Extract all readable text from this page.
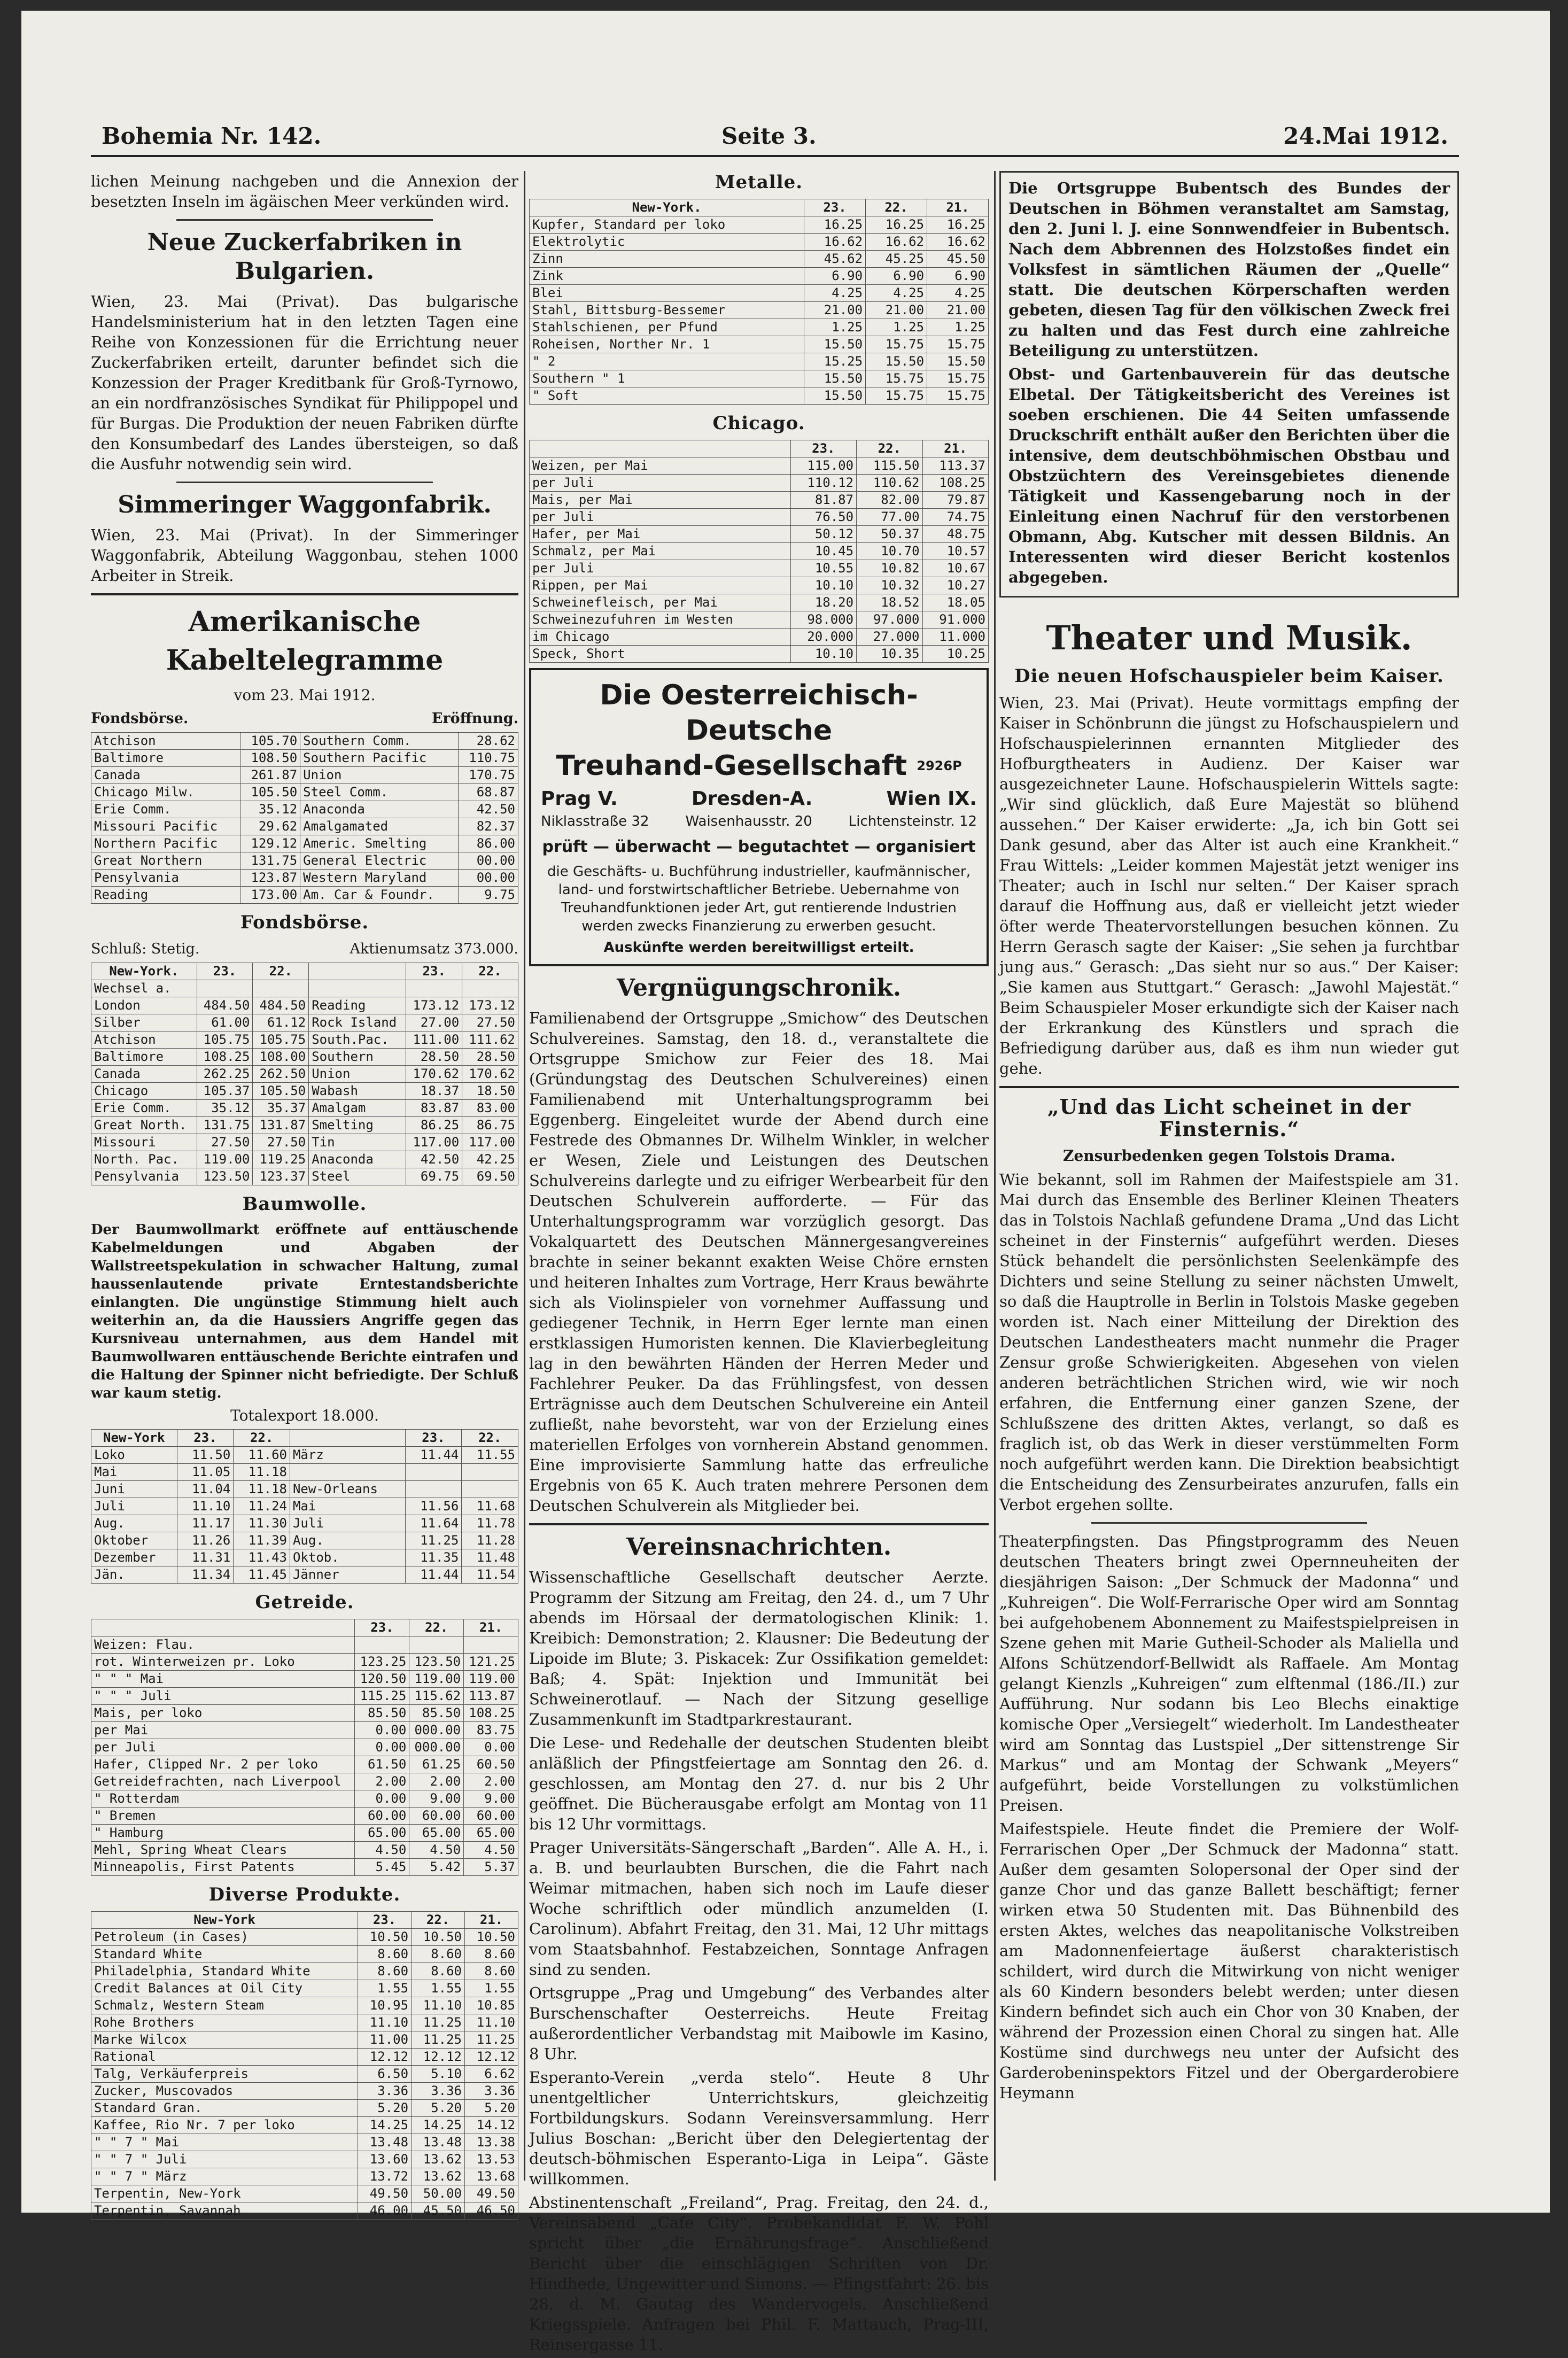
Bohemia Nr. 142.	Seite 3.	24.Mai 1912.

lichen Meinung nachgeben und die Annexion der besetzten Inseln im ägäischen Meer verkünden wird.

Neue Zuckerfabriken in Bulgarien.

Wien, 23. Mai (Privat). Das bulgarische Handelsministerium hat in den letzten Tagen eine Reihe von Konzessionen für die Errichtung neuer Zuckerfabriken erteilt, darunter befindet sich die Konzession der Prager Kreditbank für Groß-Tyrnowo, an ein nordfranzösisches Syndikat für Philippopel und für Burgas. Die Produktion der neuen Fabriken dürfte den Konsumbedarf des Landes übersteigen, so daß die Ausfuhr notwendig sein wird.

Simmeringer Waggonfabrik.

Wien, 23. Mai (Privat). In der Simmeringer Waggonfabrik, Abteilung Waggonbau, stehen 1000 Arbeiter in Streik.

Amerikanische Kabeltelegramme
vom 23. Mai 1912.
Fondsbörse.	Eröffnung.
Atchison	105.70	Southern Comm.	28.62
Baltimore	108.50	Southern Pacific	110.75
Canada	261.87	Union	170.75
Chicago Milw.	105.50	Steel Comm.	68.87
Erie Comm.	35.12	Anaconda	42.50
Missouri Pacific	29.62	Amalgamated	82.37
Northern Pacific	129.12	Americ. Smelting	86.00
Great Northern	131.75	General Electric	00.00
Pensylvania	123.87	Western Maryland	00.00
Reading	173.00	Am. Car & Foundr.	9.75
Fondsbörse.
Schluß: Stetig.	Aktienumsatz 373.000.
New-York.	23.	22.		23.	22.
Wechsel a.					
London	484.50	484.50	Reading	173.12	173.12
Silber	61.00	61.12	Rock Island	27.00	27.50
Atchison	105.75	105.75	South.Pac.	111.00	111.62
Baltimore	108.25	108.00	Southern	28.50	28.50
Canada	262.25	262.50	Union	170.62	170.62
Chicago	105.37	105.50	Wabash	18.37	18.50
Erie Comm.	35.12	35.37	Amalgam	83.87	83.00
Great North.	131.75	131.87	Smelting	86.25	86.75
Missouri	27.50	27.50	Tin	117.00	117.00
North. Pac.	119.00	119.25	Anaconda	42.50	42.25
Pensylvania	123.50	123.37	Steel	69.75	69.50
Baumwolle.

Der Baumwollmarkt eröffnete auf enttäuschende Kabelmeldungen und Abgaben der Wallstreetspekulation in schwacher Haltung, zumal haussenlautende private Erntestandsberichte einlangten. Die ungünstige Stimmung hielt auch weiterhin an, da die Haussiers Angriffe gegen das Kursniveau unternahmen, aus dem Handel mit Baumwollwaren enttäuschende Berichte eintrafen und die Haltung der Spinner nicht befriedigte. Der Schluß war kaum stetig.

Totalexport 18.000.
New-York	23.	22.		23.	22.
Loko	11.50	11.60	März	11.44	11.55
Mai	11.05	11.18			
Juni	11.04	11.18	New-Orleans		
Juli	11.10	11.24	Mai	11.56	11.68
Aug.	11.17	11.30	Juli	11.64	11.78
Oktober	11.26	11.39	Aug.	11.25	11.28
Dezember	11.31	11.43	Oktob.	11.35	11.48
Jän.	11.34	11.45	Jänner	11.44	11.54
Getreide.
	23.	22.	21.
Weizen: Flau.			
rot. Winterweizen pr. Loko	123.25	123.50	121.25
" " " Mai	120.50	119.00	119.00
" " " Juli	115.25	115.62	113.87
Mais, per loko	85.50	85.50	108.25
per Mai	0.00	000.00	83.75
per Juli	0.00	000.00	0.00
Hafer, Clipped Nr. 2 per loko	61.50	61.25	60.50
Getreidefrachten, nach Liverpool	2.00	2.00	2.00
" Rotterdam	0.00	9.00	9.00
" Bremen	60.00	60.00	60.00
" Hamburg	65.00	65.00	65.00
Mehl, Spring Wheat Clears	4.50	4.50	4.50
Minneapolis, First Patents	5.45	5.42	5.37
Diverse Produkte.
New-York	23.	22.	21.
Petroleum (in Cases)	10.50	10.50	10.50
Standard White	8.60	8.60	8.60
Philadelphia, Standard White	8.60	8.60	8.60
Credit Balances at Oil City	1.55	1.55	1.55
Schmalz, Western Steam	10.95	11.10	10.85
Rohe Brothers	11.10	11.25	11.10
Marke Wilcox	11.00	11.25	11.25
Rational	12.12	12.12	12.12
Talg, Verkäuferpreis	6.50	5.10	6.62
Zucker, Muscovados	3.36	3.36	3.36
Standard Gran.	5.20	5.20	5.20
Kaffee, Rio Nr. 7 per loko	14.25	14.25	14.12
" " 7 " Mai	13.48	13.48	13.38
" " 7 " Juli	13.60	13.62	13.53
" " 7 " März	13.72	13.62	13.68
Terpentin, New-York	49.50	50.00	49.50
Terpentin, Savannah	46.00	45.50	46.50
Metalle.
New-York.	23.	22.	21.
Kupfer, Standard per loko	16.25	16.25	16.25
Elektrolytic	16.62	16.62	16.62
Zinn	45.62	45.25	45.50
Zink	6.90	6.90	6.90
Blei	4.25	4.25	4.25
Stahl, Bittsburg-Bessemer	21.00	21.00	21.00
Stahlschienen, per Pfund	1.25	1.25	1.25
Roheisen, Norther Nr. 1	15.50	15.75	15.75
" 2	15.25	15.50	15.50
Southern " 1	15.50	15.75	15.75
" Soft	15.50	15.75	15.75
Chicago.
	23.	22.	21.
Weizen, per Mai	115.00	115.50	113.37
per Juli	110.12	110.62	108.25
Mais, per Mai	81.87	82.00	79.87
per Juli	76.50	77.00	74.75
Hafer, per Mai	50.12	50.37	48.75
Schmalz, per Mai	10.45	10.70	10.57
per Juli	10.55	10.82	10.67
Rippen, per Mai	10.10	10.32	10.27
Schweinefleisch, per Mai	18.20	18.52	18.05
Schweinezufuhren im Westen	98.000	97.000	91.000
im Chicago	20.000	27.000	11.000
Speck, Short	10.10	10.35	10.25
Die Oesterreichisch-Deutsche
Treuhand-Gesellschaft $^{2926P}$
Prag V.	Dresden-A.	Wien IX.
Niklasstraße 32	Waisenhausstr. 20	Lichtensteinstr. 12
prüft — überwacht — begutachtet — organisiert
die Geschäfts- u. Buchführung industrieller, kaufmännischer, land- und forstwirtschaftlicher Betriebe. Uebernahme von Treuhandfunktionen jeder Art, gut rentierende Industrien werden zwecks Finanzierung zu erwerben gesucht.
Auskünfte werden bereitwilligst erteilt.
Vergnügungschronik.

Familienabend der Ortsgruppe „Smichow“ des Deutschen Schulvereines. Samstag, den 18. d., veranstaltete die Ortsgruppe Smichow zur Feier des 18. Mai (Gründungstag des Deutschen Schulvereines) einen Familienabend mit Unterhaltungsprogramm bei Eggenberg. Eingeleitet wurde der Abend durch eine Festrede des Obmannes Dr. Wilhelm Winkler, in welcher er Wesen, Ziele und Leistungen des Deutschen Schulvereins darlegte und zu eifriger Werbearbeit für den Deutschen Schulverein aufforderte. — Für das Unterhaltungsprogramm war vorzüglich gesorgt. Das Vokalquartett des Deutschen Männergesangvereines brachte in seiner bekannt exakten Weise Chöre ernsten und heiteren Inhaltes zum Vortrage, Herr Kraus bewährte sich als Violinspieler von vornehmer Auffassung und gediegener Technik, in Herrn Eger lernte man einen erstklassigen Humoristen kennen. Die Klavierbegleitung lag in den bewährten Händen der Herren Meder und Fachlehrer Peuker. Da das Frühlingsfest, von dessen Erträgnisse auch dem Deutschen Schulvereine ein Anteil zufließt, nahe bevorsteht, war von der Erzielung eines materiellen Erfolges von vornherein Abstand genommen. Eine improvisierte Sammlung hatte das erfreuliche Ergebnis von 65 K. Auch traten mehrere Personen dem Deutschen Schulverein als Mitglieder bei.

Vereinsnachrichten.

Wissenschaftliche Gesellschaft deutscher Aerzte. Programm der Sitzung am Freitag, den 24. d., um 7 Uhr abends im Hörsaal der dermatologischen Klinik: 1. Kreibich: Demonstration; 2. Klausner: Die Bedeutung der Lipoide im Blute; 3. Piskacek: Zur Ossifikation gemeldet: Baß; 4. Spät: Injektion und Immunität bei Schweinerotlauf. — Nach der Sitzung gesellige Zusammenkunft im Stadtparkrestaurant.

Die Lese- und Redehalle der deutschen Studenten bleibt anläßlich der Pfingstfeiertage am Sonntag den 26. d. geschlossen, am Montag den 27. d. nur bis 2 Uhr geöffnet. Die Bücherausgabe erfolgt am Montag von 11 bis 12 Uhr vormittags.

Prager Universitäts-Sängerschaft „Barden“. Alle A. H., i. a. B. und beurlaubten Burschen, die die Fahrt nach Weimar mitmachen, haben sich noch im Laufe dieser Woche schriftlich oder mündlich anzumelden (I. Carolinum). Abfahrt Freitag, den 31. Mai, 12 Uhr mittags vom Staatsbahnhof. Festabzeichen, Sonntage Anfragen sind zu senden.

Ortsgruppe „Prag und Umgebung“ des Verbandes alter Burschenschafter Oesterreichs. Heute Freitag außerordentlicher Verbandstag mit Maibowle im Kasino, 8 Uhr.

Esperanto-Verein „verda stelo“. Heute 8 Uhr unentgeltlicher Unterrichtskurs, gleichzeitig Fortbildungskurs. Sodann Vereinsversammlung. Herr Julius Boschan: „Bericht über den Delegiertentag der deutsch-böhmischen Esperanto-Liga in Leipa“. Gäste willkommen.

Abstinentenschaft „Freiland“, Prag. Freitag, den 24. d., Vereinsabend „Cafe City“. Probekandidat F. W. Pohl spricht über „die Ernährungsfrage“. Anschließend Bericht über die einschlägigen Schriften von Dr. Hindhede, Ungewitter und Simons. — Pfingstfahrt: 26. bis 28. d. M. Gautag des Wandervogels. Anschließend Kriegsspiele. Anfragen bei Phil. F. Mattauch, Prag-III, Reinsergasse 11.

Die Ortsgruppe Bubentsch des Bundes der Deutschen in Böhmen veranstaltet am Samstag, den 2. Juni l. J. eine Sonnwendfeier in Bubentsch. Nach dem Abbrennen des Holzstoßes findet ein Volksfest in sämtlichen Räumen der „Quelle“ statt. Die deutschen Körperschaften werden gebeten, diesen Tag für den völkischen Zweck frei zu halten und das Fest durch eine zahlreiche Beteiligung zu unterstützen.

Obst- und Gartenbauverein für das deutsche Elbetal. Der Tätigkeitsbericht des Vereines ist soeben erschienen. Die 44 Seiten umfassende Druckschrift enthält außer den Berichten über die intensive, dem deutschböhmischen Obstbau und Obstzüchtern des Vereinsgebietes dienende Tätigkeit und Kassengebarung noch in der Einleitung einen Nachruf für den verstorbenen Obmann, Abg. Kutscher mit dessen Bildnis. An Interessenten wird dieser Bericht kostenlos abgegeben.

Theater und Musik.
Die neuen Hofschauspieler beim Kaiser.

Wien, 23. Mai (Privat). Heute vormittags empfing der Kaiser in Schönbrunn die jüngst zu Hofschauspielern und Hofschauspielerinnen ernannten Mitglieder des Hofburgtheaters in Audienz. Der Kaiser war ausgezeichneter Laune. Hofschauspielerin Wittels sagte: „Wir sind glücklich, daß Eure Majestät so blühend aussehen.“ Der Kaiser erwiderte: „Ja, ich bin Gott sei Dank gesund, aber das Alter ist auch eine Krankheit.“ Frau Wittels: „Leider kommen Majestät jetzt weniger ins Theater; auch in Ischl nur selten.“ Der Kaiser sprach darauf die Hoffnung aus, daß er vielleicht jetzt wieder öfter werde Theatervorstellungen besuchen können. Zu Herrn Gerasch sagte der Kaiser: „Sie sehen ja furchtbar jung aus.“ Gerasch: „Das sieht nur so aus.“ Der Kaiser: „Sie kamen aus Stuttgart.“ Gerasch: „Jawohl Majestät.“ Beim Schauspieler Moser erkundigte sich der Kaiser nach der Erkrankung des Künstlers und sprach die Befriedigung darüber aus, daß es ihm nun wieder gut gehe.

„Und das Licht scheinet in der Finsternis.“
Zensurbedenken gegen Tolstois Drama.

Wie bekannt, soll im Rahmen der Maifestspiele am 31. Mai durch das Ensemble des Berliner Kleinen Theaters das in Tolstois Nachlaß gefundene Drama „Und das Licht scheinet in der Finsternis“ aufgeführt werden. Dieses Stück behandelt die persönlichsten Seelenkämpfe des Dichters und seine Stellung zu seiner nächsten Umwelt, so daß die Hauptrolle in Berlin in Tolstois Maske gegeben worden ist. Nach einer Mitteilung der Direktion des Deutschen Landestheaters macht nunmehr die Prager Zensur große Schwierigkeiten. Abgesehen von vielen anderen beträchtlichen Strichen wird, wie wir noch erfahren, die Entfernung einer ganzen Szene, der Schlußszene des dritten Aktes, verlangt, so daß es fraglich ist, ob das Werk in dieser verstümmelten Form noch aufgeführt werden kann. Die Direktion beabsichtigt die Entscheidung des Zensurbeirates anzurufen, falls ein Verbot ergehen sollte.

Theaterpfingsten. Das Pfingstprogramm des Neuen deutschen Theaters bringt zwei Opernneuheiten der diesjährigen Saison: „Der Schmuck der Madonna“ und „Kuhreigen“. Die Wolf-Ferrarische Oper wird am Sonntag bei aufgehobenem Abonnement zu Maifestspielpreisen in Szene gehen mit Marie Gutheil-Schoder als Maliella und Alfons Schützendorf-Bellwidt als Raffaele. Am Montag gelangt Kienzls „Kuhreigen“ zum elftenmal (186./II.) zur Aufführung. Nur sodann bis Leo Blechs einaktige komische Oper „Versiegelt“ wiederholt. Im Landestheater wird am Sonntag das Lustspiel „Der sittenstrenge Sir Markus“ und am Montag der Schwank „Meyers“ aufgeführt, beide Vorstellungen zu volkstümlichen Preisen.

Maifestspiele. Heute findet die Premiere der Wolf-Ferrarischen Oper „Der Schmuck der Madonna“ statt. Außer dem gesamten Solopersonal der Oper sind der ganze Chor und das ganze Ballett beschäftigt; ferner wirken etwa 50 Studenten mit. Das Bühnenbild des ersten Aktes, welches das neapolitanische Volkstreiben am Madonnenfeiertage äußerst charakteristisch schildert, wird durch die Mitwirkung von nicht weniger als 60 Kindern besonders belebt werden; unter diesen Kindern befindet sich auch ein Chor von 30 Knaben, der während der Prozession einen Choral zu singen hat. Alle Kostüme sind durchwegs neu unter der Aufsicht des Garderobeninspektors Fitzel und der Obergarderobiere Heymann
